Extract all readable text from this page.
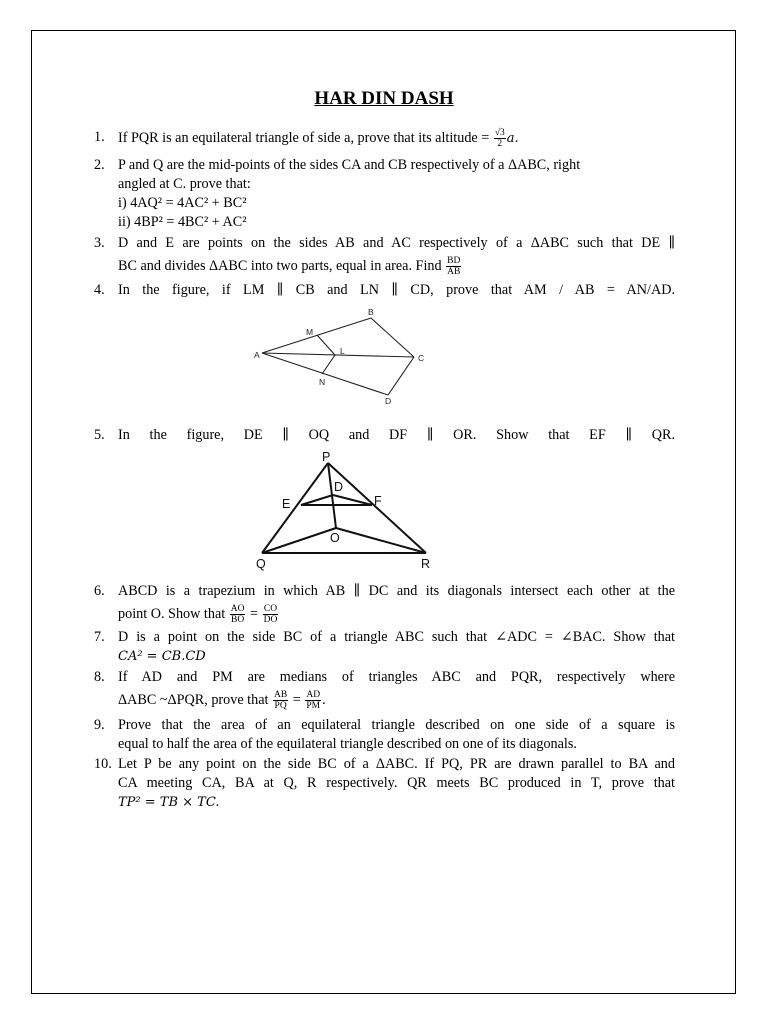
HAR DIN DASH
1. If PQR is an equilateral triangle of side a, prove that its altitude = $\frac{√3}{2} a$.
2. P and Q are the mid-points of the sides CA and CB respectively of a ΔABC, right
angled at C. prove that:
i) 4AQ² = 4AC² + BC²
ii) 4BP² = 4BC² + AC²
3. D and E are points on the sides AB and AC respectively of a ΔABC such that DE ∥
BC and divides ΔABC into two parts, equal in area. Find $\frac{BD}{AB}$
4. In the figure, if LM ∥ CB and LN ∥ CD, prove that AM / AB = AN/AD.
A
B
C
D
L
M
N
5. In the figure, DE ∥ OQ and DF ∥ OR. Show that EF ∥ QR.
P
D
E	F
O
Q	R
6. ABCD is a trapezium in which AB ∥ DC and its diagonals intersect each other at the
point O. Show that $\frac{AO}{BO} = \frac{CO}{DO}$
7. D is a point on the side BC of a triangle ABC such that ∠ADC = ∠BAC. Show that
CA² = CB.CD
8. If AD and PM are medians of triangles ABC and PQR, respectively where
ΔABC ~ΔPQR, prove that $\frac{AB}{PQ} = \frac{AD}{PM}$ .
9. Prove that the area of an equilateral triangle described on one side of a square is
equal to half the area of the equilateral triangle described on one of its diagonals.
10. Let P be any point on the side BC of a ΔABC. If PQ, PR are drawn parallel to BA and
CA meeting CA, BA at Q, R respectively. QR meets BC produced in T, prove that
TP² = TB × TC.
